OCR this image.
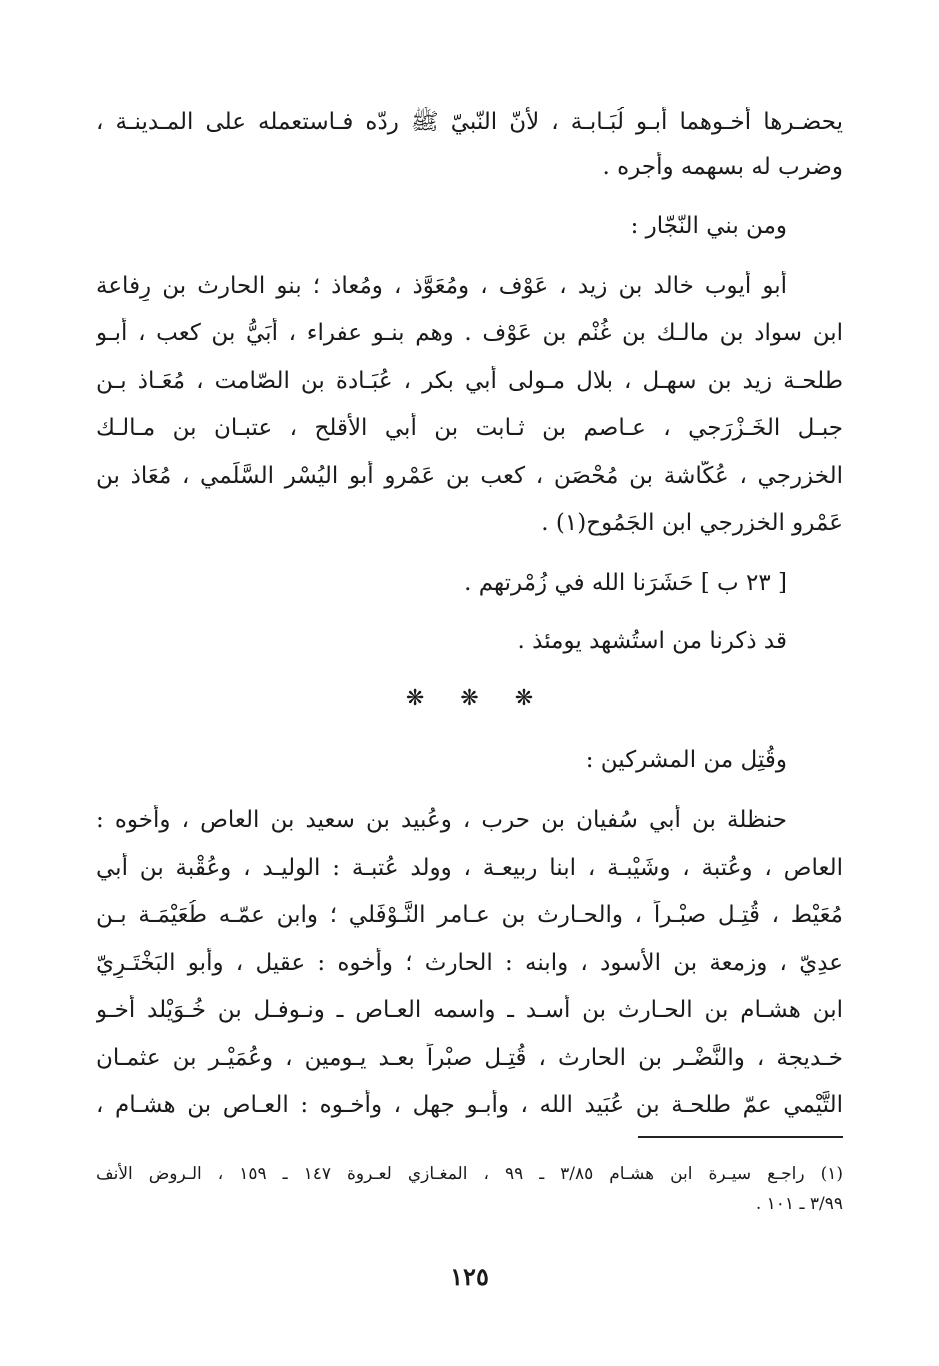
يحضـرها أخـوهما أبـو لُبَـابـة ، لأنّ النّبيّ ﷺ ردّه فـاستعمله على المـدينـة ،
وضرب له بسهمه وأجره .
ومن بني النّجّار :
أبو أيوب خالد بن زيد ، عَوْف ، ومُعَوَّذ ، ومُعاذ ؛ بنو الحارث بن رِفاعة
ابن سواد بن مالـك بن غُنْم بن عَوْف . وهم بنـو عفراء ، أُبَيُّ بن كعب ، أبـو
طلحـة زيد بن سهـل ، بلال مـولى أبي بكر ، عُبَـادة بن الصّامت ، مُعَـاذ بـن
جبـل الخَـزْرَجي ، عـاصم بن ثـابت بن أبي الأقلح ، عتبـان بن مـالـك
الخزرجي ، عُكّاشة بن مُحْصَن ، كعب بن عَمْرو أبو اليُسْر السَّلَمي ، مُعَاذ بن
عَمْرو الخزرجي ابن الجَمُوح(١) .
[ ٢٣ ب ] حَشَرَنا الله في زُمْرتهم .
قد ذكرنا من استُشهد يومئذ .
❋ ❋ ❋
وقُتِل من المشركين :
حنظلة بن أبي سُفيان بن حرب ، وعُبيد بن سعيد بن العاص ، وأخوه :
العاص ، وعُتبة ، وشَيْبـة ، ابنا ربيعـة ، وولد عُتبـة : الوليـد ، وعُقْبة بن أبي
مُعَيْط ، قُتِـل صبْـراً ، والحـارث بن عـامر النَّـوْفَلي ؛ وابن عمّـه طُعَيْمَـة بـن
عدِيّ ، وزمعة بن الأسود ، وابنه : الحارث ؛ وأخوه : عقيل ، وأبو البَخْتَـرِيّ
ابن هشـام بن الحـارث بن أسـد ـ واسمه العـاص ـ ونـوفـل بن خُـوَيْلد أخـو
خـديجة ، والنَّضْـر بن الحارث ، قُتِـل صبْراً بعـد يـومين ، وعُمَيْـر بن عثمـان
التَّيْمي عمّ طلحـة بن عُبَيد الله ، وأبـو جهل ، وأخـوه : العـاص بن هشـام ،
(١) راجـع سيـرة ابن هشـام ٣/٨٥ ـ ٩٩ ، المغـازي لعـروة ١٤٧ ـ ١٥٩ ، الـروض الأنف
٣/٩٩ ـ ١٠١ .
١٢٥
